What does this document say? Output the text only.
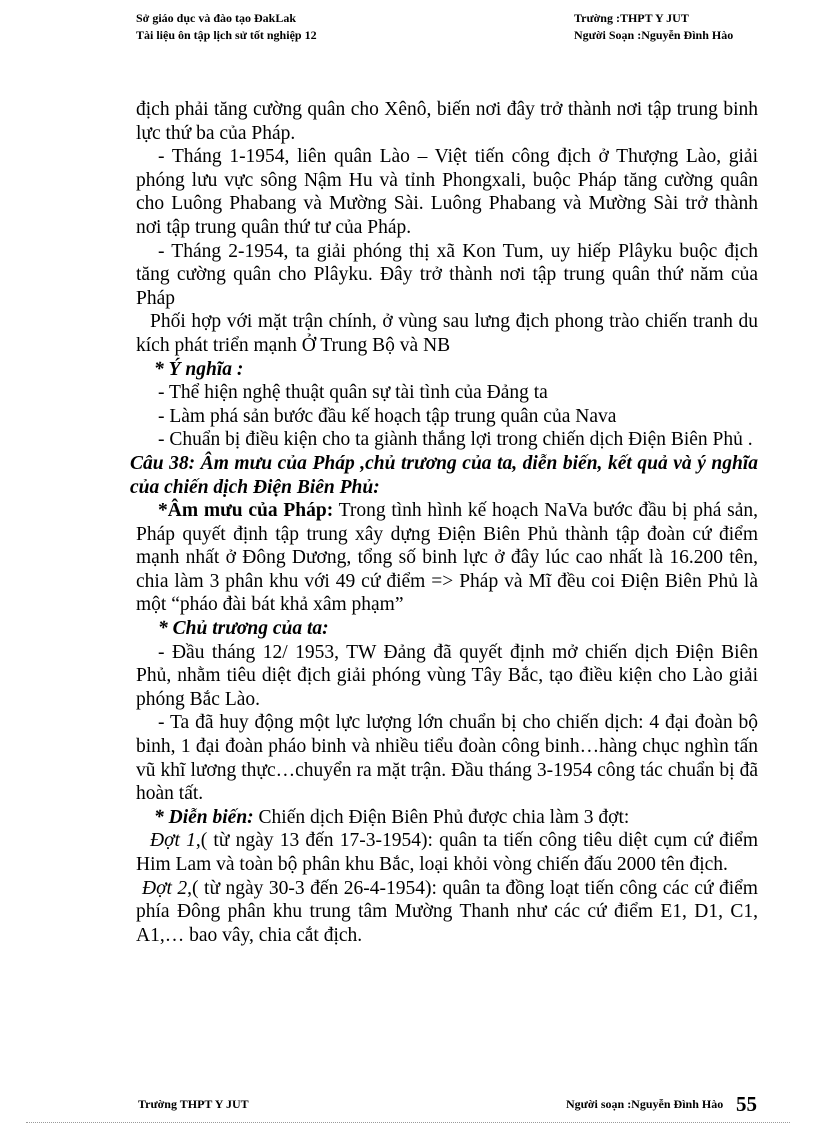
Sở giáo dục và đào tạo ĐakLak
Tài liệu ôn tập lịch sử tốt nghiệp 12
Trường :THPT Y JUT
Người Soạn :Nguyễn Đình Hào

địch phải tăng cường quân cho Xênô, biến nơi đây trở thành nơi tập trung binh lực thứ ba của Pháp.

- Tháng 1-1954, liên quân Lào – Việt tiến công địch ở Thượng Lào, giải phóng lưu vực sông Nậm Hu và tỉnh Phongxali, buộc Pháp tăng cường quân cho Luông Phabang và Mường Sài. Luông Phabang và Mường Sài trở thành nơi tập trung quân thứ tư của Pháp.

- Tháng 2-1954, ta giải phóng thị xã Kon Tum, uy hiếp Plâyku buộc địch tăng cường quân cho Plâyku. Đây trở thành nơi tập trung quân thứ năm của Pháp

Phối hợp với mặt trận chính, ở vùng sau lưng địch phong trào chiến tranh du kích phát triển mạnh Ở Trung Bộ và NB

* Ý nghĩa :

- Thể hiện nghệ thuật quân sự tài tình của Đảng ta

- Làm phá sản bước đầu kế hoạch tập trung quân của Nava

- Chuẩn bị điều kiện cho ta giành thắng lợi trong chiến dịch Điện Biên Phủ .

Câu 38: Âm mưu của Pháp ,chủ trương của ta, diễn biến, kết quả và ý nghĩa của chiến dịch Điện Biên Phủ:

*Âm mưu của Pháp: Trong tình hình kế hoạch NaVa bước đầu bị phá sản, Pháp quyết định tập trung xây dựng Điện Biên Phủ thành tập đoàn cứ điểm mạnh nhất ở Đông Dương, tổng số binh lực ở đây lúc cao nhất là 16.200 tên, chia làm 3 phân khu với 49 cứ điểm => Pháp và Mĩ đều coi Điện Biên Phủ là một “pháo đài bát khả xâm phạm”

* Chủ trương của ta:

- Đầu tháng 12/ 1953, TW Đảng đã quyết định mở chiến dịch Điện Biên Phủ, nhằm tiêu diệt địch giải phóng vùng Tây Bắc, tạo điều kiện cho Lào giải phóng Bắc Lào.

- Ta đã huy động một lực lượng lớn chuẩn bị cho chiến dịch: 4 đại đoàn bộ binh, 1 đại đoàn pháo binh và nhiều tiểu đoàn công binh…hàng chục nghìn tấn vũ khĩ lương thực…chuyển ra mặt trận. Đầu tháng 3-1954 công tác chuẩn bị đã hoàn tất.

* Diễn biến: Chiến dịch Điện Biên Phủ được chia làm 3 đợt:

Đợt 1,( từ ngày 13 đến 17-3-1954): quân ta tiến công tiêu diệt cụm cứ điểm Him Lam và toàn bộ phân khu Bắc, loại khỏi vòng chiến đấu 2000 tên địch.

Đợt 2,( từ ngày 30-3 đến 26-4-1954): quân ta đồng loạt tiến công các cứ điểm phía Đông phân khu trung tâm Mường Thanh như các cứ điểm E1, D1, C1, A1,… bao vây, chia cắt địch.

Trường THPT Y JUT	Người soạn :Nguyễn Đình Hào 55
